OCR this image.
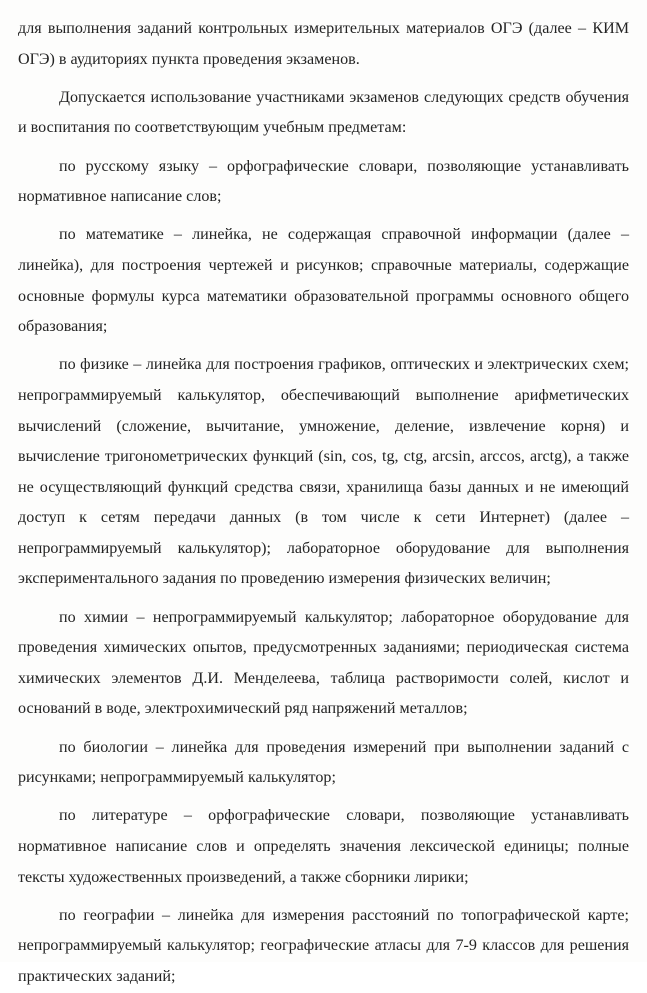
для выполнения заданий контрольных измерительных материалов ОГЭ (далее – КИМ ОГЭ) в аудиториях пункта проведения экзаменов.

Допускается использование участниками экзаменов следующих средств обучения и воспитания по соответствующим учебным предметам:

по русскому языку – орфографические словари, позволяющие устанавливать нормативное написание слов;

по математике – линейка, не содержащая справочной информации (далее – линейка), для построения чертежей и рисунков; справочные материалы, содержащие основные формулы курса математики образовательной программы основного общего образования;

по физике – линейка для построения графиков, оптических и электрических схем; непрограммируемый калькулятор, обеспечивающий выполнение арифметических вычислений (сложение, вычитание, умножение, деление, извлечение корня) и вычисление тригонометрических функций (sin, cos, tg, ctg, arcsin, arccos, arctg), а также не осуществляющий функций средства связи, хранилища базы данных и не имеющий доступ к сетям передачи данных (в том числе к сети Интернет) (далее – непрограммируемый калькулятор); лабораторное оборудование для выполнения экспериментального задания по проведению измерения физических величин;

по химии – непрограммируемый калькулятор; лабораторное оборудование для проведения химических опытов, предусмотренных заданиями; периодическая система химических элементов Д.И. Менделеева, таблица растворимости солей, кислот и оснований в воде, электрохимический ряд напряжений металлов;

по биологии – линейка для проведения измерений при выполнении заданий с рисунками; непрограммируемый калькулятор;

по литературе – орфографические словари, позволяющие устанавливать нормативное написание слов и определять значения лексической единицы; полные тексты художественных произведений, а также сборники лирики;

по географии – линейка для измерения расстояний по топографической карте; непрограммируемый калькулятор; географические атласы для 7-9 классов для решения практических заданий;
